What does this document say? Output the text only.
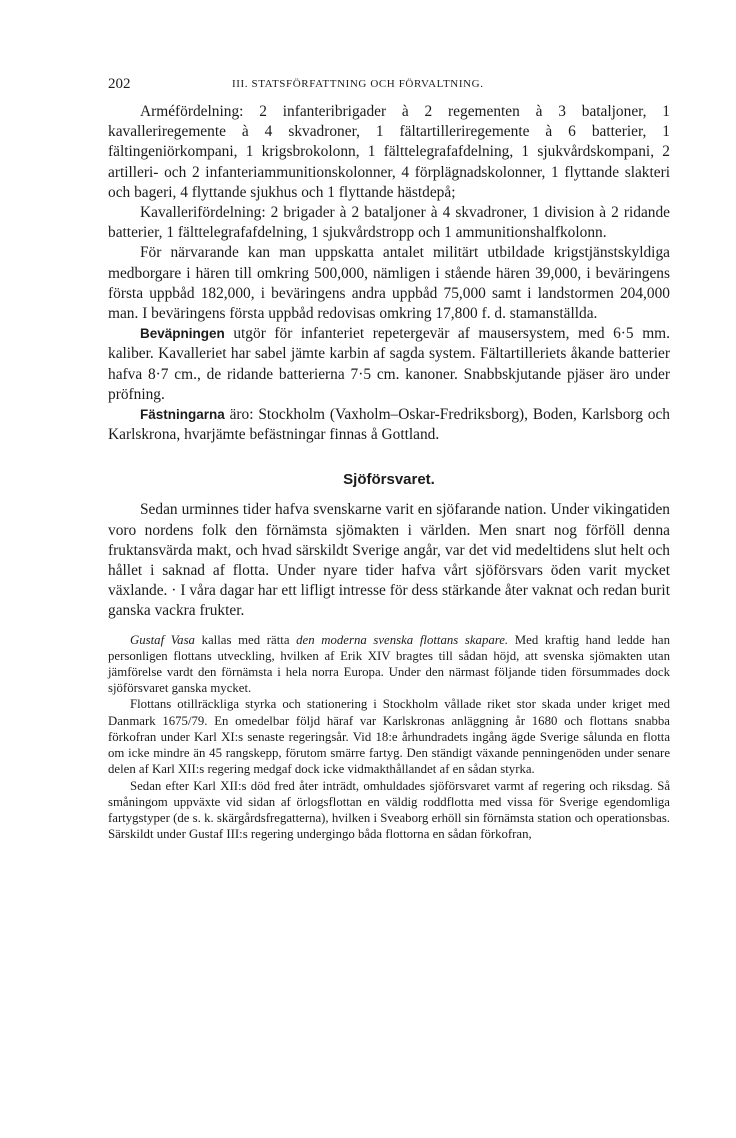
202	III. STATSFÖRFATTNING OCH FÖRVALTNING.

Arméfördelning: 2 infanteribrigader à 2 regementen à 3 bataljoner, 1 kavalleriregemente à 4 skvadroner, 1 fältartilleriregemente à 6 batterier, 1 fältingeniörkompani, 1 krigsbrokolonn, 1 fälttelegrafafdelning, 1 sjukvårdskompani, 2 artilleri- och 2 infanteriammunitionskolonner, 4 förplägnadskolonner, 1 flyttande slakteri och bageri, 4 flyttande sjukhus och 1 flyttande hästdepå;

Kavallerifördelning: 2 brigader à 2 bataljoner à 4 skvadroner, 1 division à 2 ridande batterier, 1 fälttelegrafafdelning, 1 sjukvårdstropp och 1 ammunitionshalfkolonn.

För närvarande kan man uppskatta antalet militärt utbildade krigstjänstskyldiga medborgare i hären till omkring 500,000, nämligen i stående hären 39,000, i beväringens första uppbåd 182,000, i beväringens andra uppbåd 75,000 samt i landstormen 204,000 man. I beväringens första uppbåd redovisas omkring 17,800 f. d. stamanställda.

Beväpningen utgör för infanteriet repetergevär af mausersystem, med 6·5 mm. kaliber. Kavalleriet har sabel jämte karbin af sagda system. Fältartilleriets åkande batterier hafva 8·7 cm., de ridande batterierna 7·5 cm. kanoner. Snabbskjutande pjäser äro under pröfning.

Fästningarna äro: Stockholm (Vaxholm–Oskar-Fredriksborg), Boden, Karlsborg och Karlskrona, hvarjämte befästningar finnas å Gottland.

Sjöförsvaret.

Sedan urminnes tider hafva svenskarne varit en sjöfarande nation. Under vikingatiden voro nordens folk den förnämsta sjömakten i världen. Men snart nog förföll denna fruktansvärda makt, och hvad särskildt Sverige angår, var det vid medeltidens slut helt och hållet i saknad af flotta. Under nyare tider hafva vårt sjöförsvars öden varit mycket växlande. · I våra dagar har ett lifligt intresse för dess stärkande åter vaknat och redan burit ganska vackra frukter.

Gustaf Vasa kallas med rätta den moderna svenska flottans skapare. Med kraftig hand ledde han personligen flottans utveckling, hvilken af Erik XIV bragtes till sådan höjd, att svenska sjömakten utan jämförelse vardt den förnämsta i hela norra Europa. Under den närmast följande tiden försummades dock sjöförsvaret ganska mycket.

Flottans otillräckliga styrka och stationering i Stockholm vållade riket stor skada under kriget med Danmark 1675/79. En omedelbar följd häraf var Karlskronas anläggning år 1680 och flottans snabba förkofran under Karl XI:s senaste regeringsår. Vid 18:e århundradets ingång ägde Sverige sålunda en flotta om icke mindre än 45 rangskepp, förutom smärre fartyg. Den ständigt växande penningenöden under senare delen af Karl XII:s regering medgaf dock icke vidmakthållandet af en sådan styrka.

Sedan efter Karl XII:s död fred åter inträdt, omhuldades sjöförsvaret varmt af regering och riksdag. Så småningom uppväxte vid sidan af örlogsflottan en väldig roddflotta med vissa för Sverige egendomliga fartygstyper (de s. k. skärgårdsfregatterna), hvilken i Sveaborg erhöll sin förnämsta station och operationsbas. Särskildt under Gustaf III:s regering undergingo båda flottorna en sådan förkofran,
